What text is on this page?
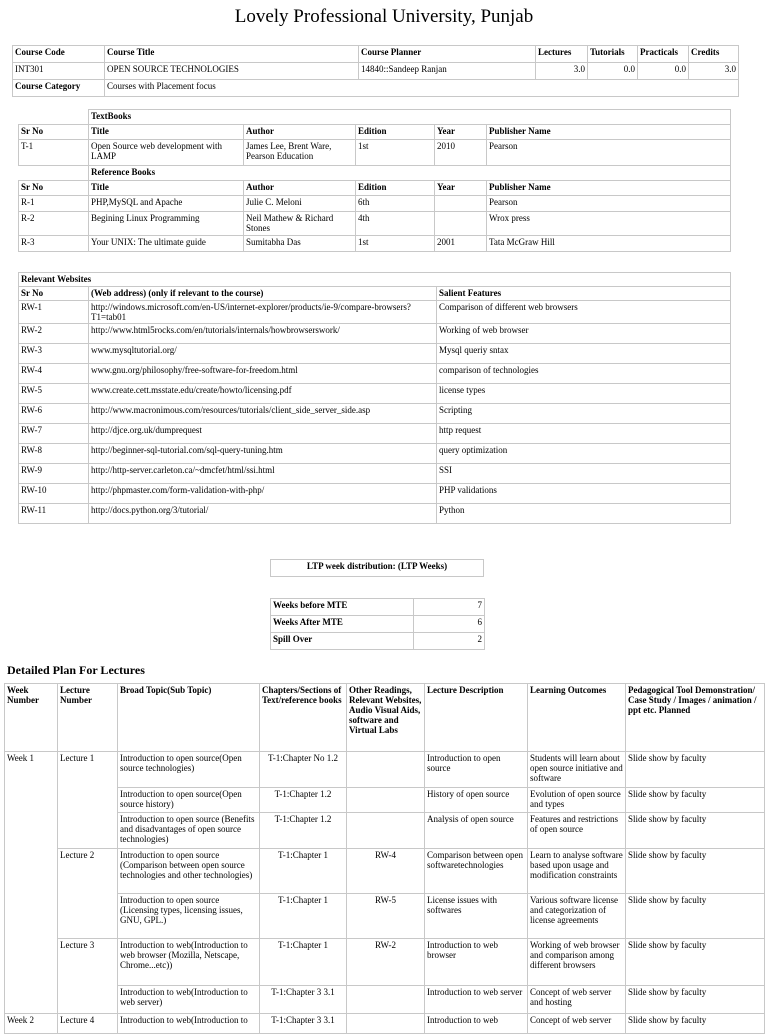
Lovely Professional University, Punjab
Course Code	Course Title	Course Planner	Lectures	Tutorials	Practicals	Credits
INT301	OPEN SOURCE TECHNOLOGIES	14840::Sandeep Ranjan	3.0	0.0	0.0	3.0
Course Category	Courses with Placement focus					
	TextBooks				
Sr No	Title	Author	Edition	Year	Publisher Name
T-1	Open Source web development with LAMP	James Lee, Brent Ware, Pearson Education	1st	2010	Pearson
	Reference Books				
Sr No	Title	Author	Edition	Year	Publisher Name
R-1	PHP,MySQL and Apache	Julie C. Meloni	6th		Pearson
R-2	Begining Linux Programming	Neil Mathew & Richard Stones	4th		Wrox press
R-3	Your UNIX: The ultimate guide	Sumitabha Das	1st	2001	Tata McGraw Hill
Relevant Websites		
Sr No	(Web address) (only if relevant to the course)	Salient Features
RW-1	http://windows.microsoft.com/en-US/internet-explorer/products/ie-9/compare-browsers?T1=tab01	Comparison of different web browsers
RW-2	http://www.html5rocks.com/en/tutorials/internals/howbrowserswork/	Working of web browser
RW-3	www.mysqltutorial.org/	Mysql queriy sntax
RW-4	www.gnu.org/philosophy/free-software-for-freedom.html	comparison of technologies
RW-5	www.create.cett.msstate.edu/create/howto/licensing.pdf	license types
RW-6	http://www.macronimous.com/resources/tutorials/client_side_server_side.asp	Scripting
RW-7	http://djce.org.uk/dumprequest	http request
RW-8	http://beginner-sql-tutorial.com/sql-query-tuning.htm	query optimization
RW-9	http://http-server.carleton.ca/~dmcfet/html/ssi.html	SSI
RW-10	http://phpmaster.com/form-validation-with-php/	PHP validations
RW-11	http://docs.python.org/3/tutorial/	Python
LTP week distribution: (LTP Weeks)
Weeks before MTE	7
Weeks After MTE	6
Spill Over	2
Detailed Plan For Lectures
Week Number	Lecture Number	Broad Topic(Sub Topic)	Chapters/Sections of Text/reference books	Other Readings, Relevant Websites, Audio Visual Aids, software and Virtual Labs	Lecture Description	Learning Outcomes	Pedagogical Tool Demonstration/ Case Study / Images / animation / ppt etc. Planned
Week 1	Lecture 1	Introduction to open source(Open source technologies)	T-1:Chapter No 1.2		Introduction to open source	Students will learn about open source initiative and software	Slide show by faculty
		Introduction to open source(Open source history)	T-1:Chapter 1.2		History of open source	Evolution of open source and types	Slide show by faculty
		Introduction to open source (Benefits and disadvantages of open source technologies)	T-1:Chapter 1.2		Analysis of open source	Features and restrictions of open source	Slide show by faculty
	Lecture 2	Introduction to open source (Comparison between open source technologies and other technologies)	T-1:Chapter 1	RW-4	Comparison between open softwaretechnologies	Learn to analyse software based upon usage and modification constraints	Slide show by faculty
		Introduction to open source (Licensing types, licensing issues, GNU, GPL.)	T-1:Chapter 1	RW-5	License issues with softwares	Various software license and categorization of license agreements	Slide show by faculty
	Lecture 3	Introduction to web(Introduction to web browser (Mozilla, Netscape, Chrome...etc))	T-1:Chapter 1	RW-2	Introduction to web browser	Working of web browser and comparison among different browsers	Slide show by faculty
		Introduction to web(Introduction to web server)	T-1:Chapter 3 3.1		Introduction to web server	Concept of web server and hosting	Slide show by faculty
Week 2	Lecture 4	Introduction to web(Introduction to	T-1:Chapter 3 3.1		Introduction to web	Concept of web server	Slide show by faculty
